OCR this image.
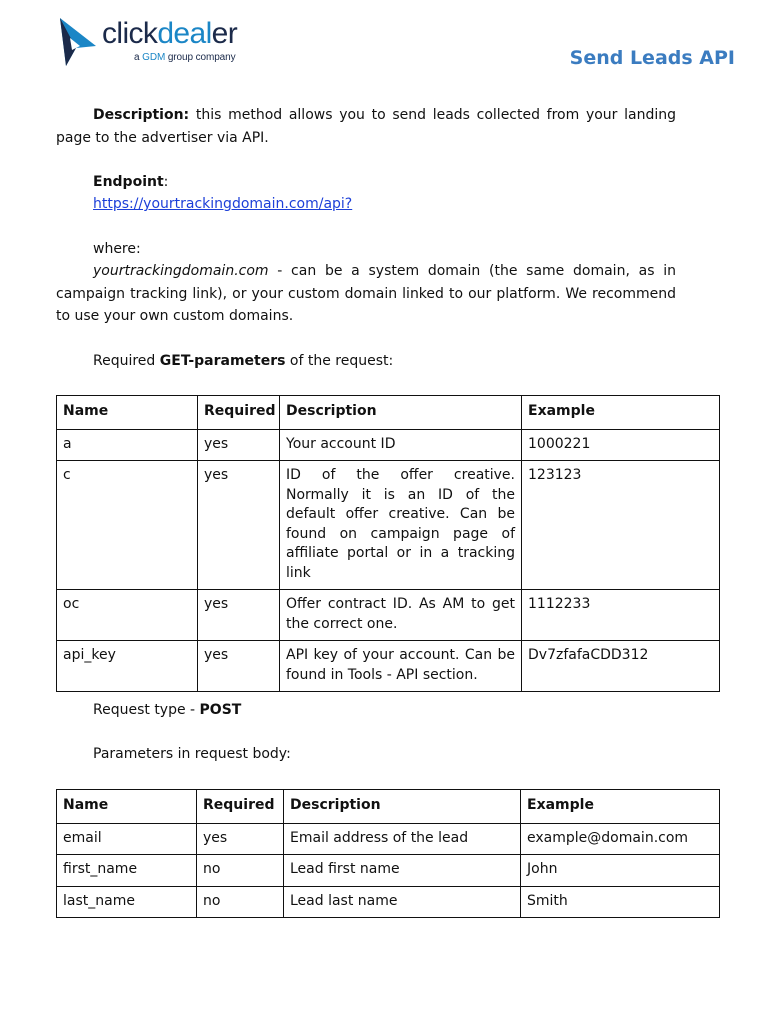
clickdealer
a GDM group company	Send Leads API

Description: this method allows you to send leads collected from your landing page to the advertiser via API.

Endpoint:
https://yourtrackingdomain.com/api?
where:

yourtrackingdomain.com - can be a system domain (the same domain, as in campaign tracking link), or your custom domain linked to our platform. We recommend to use your own custom domains.

Required GET-parameters of the request:
Name	Required	Description	Example
a	yes	Your account ID	1000221
c	yes	ID of the offer creative. Normally it is an ID of the default offer creative. Can be found on campaign page of affiliate portal or in a tracking link	123123
oc	yes	Offer contract ID. As AM to get the correct one.	1112233
api_key	yes	API key of your account. Can be found in Tools - API section.	Dv7zfafaCDD312
Request type - POST
Parameters in request body:
Name	Required	Description	Example
email	yes	Email address of the lead	example@domain.com
first_name	no	Lead first name	John
last_name	no	Lead last name	Smith
